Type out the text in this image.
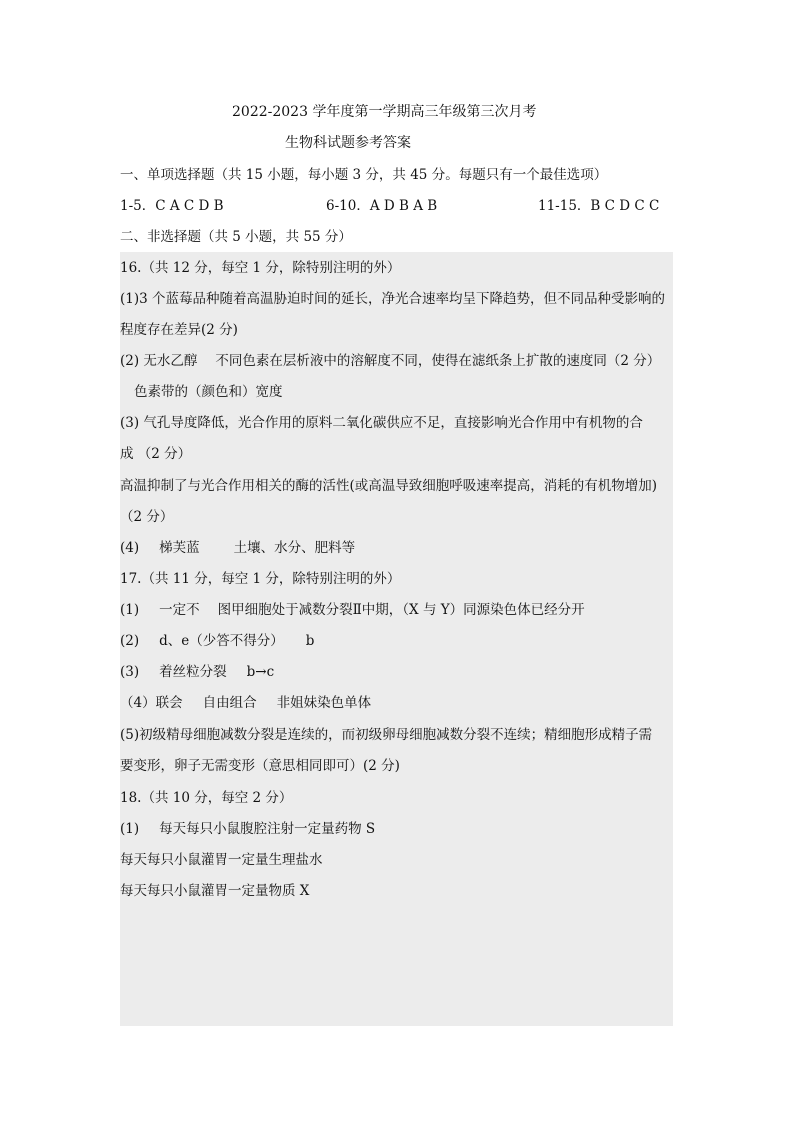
2022-2023 学年度第一学期高三年级第三次月考
生物科试题参考答案
一、单项选择题（共 15 小题，每小题 3 分，共 45 分。每题只有一个最佳选项）
1-5．C A C D B	6-10．A D B A B	11-15．B C D C C
二、非选择题（共 5 小题，共 55 分）
16.（共 12 分，每空 1 分，除特别注明的外）
(1)3 个蓝莓品种随着高温胁迫时间的延长，净光合速率均呈下降趋势，但不同品种受影响的
程度存在差异(2 分)
(2) 无水乙醇 不同色素在层析液中的溶解度不同，使得在滤纸条上扩散的速度同（2 分）
色素带的（颜色和）宽度
(3) 气孔导度降低，光合作用的原料二氧化碳供应不足，直接影响光合作用中有机物的合
成 （2 分）
高温抑制了与光合作用相关的酶的活性(或高温导致细胞呼吸速率提高，消耗的有机物增加)
（2 分）
(4) 梯芙蓝	土壤、水分、肥料等
17.（共 11 分，每空 1 分，除特别注明的外）
(1) 一定不 图甲细胞处于减数分裂Ⅱ中期，（X 与 Y）同源染色体已经分开
(2) d、e（少答不得分） b
(3) 着丝粒分裂 b→c
（4）联会 自由组合 非姐妹染色单体
(5)初级精母细胞减数分裂是连续的，而初级卵母细胞减数分裂不连续；精细胞形成精子需
要变形，卵子无需变形（意思相同即可）(2 分)
18.（共 10 分，每空 2 分）
(1) 每天每只小鼠腹腔注射一定量药物 S
每天每只小鼠灌胃一定量生理盐水
每天每只小鼠灌胃一定量物质 X
